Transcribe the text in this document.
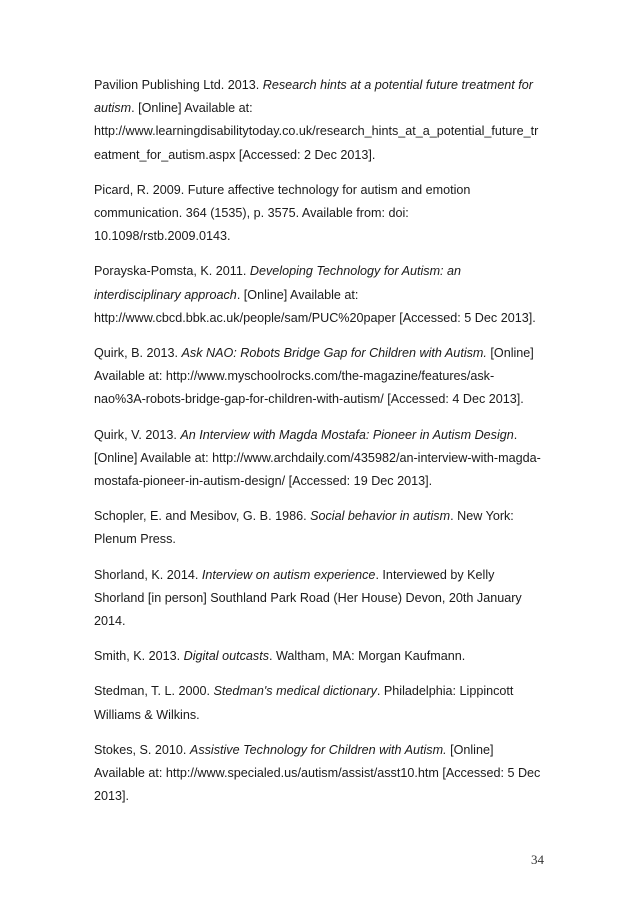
Pavilion Publishing Ltd. 2013. Research hints at a potential future treatment for autism. [Online] Available at: http://www.learningdisabilitytoday.co.uk/research_hints_at_a_potential_future_treatment_for_autism.aspx [Accessed: 2 Dec 2013].

Picard, R. 2009. Future affective technology for autism and emotion communication. 364 (1535), p. 3575. Available from: doi: 10.1098/rstb.2009.0143.

Porayska-Pomsta, K. 2011. Developing Technology for Autism: an interdisciplinary approach. [Online] Available at: http://www.cbcd.bbk.ac.uk/people/sam/PUC%20paper [Accessed: 5 Dec 2013].

Quirk, B. 2013. Ask NAO: Robots Bridge Gap for Children with Autism. [Online] Available at: http://www.myschoolrocks.com/the-magazine/features/ask-nao%3A-robots-bridge-gap-for-children-with-autism/ [Accessed: 4 Dec 2013].

Quirk, V. 2013. An Interview with Magda Mostafa: Pioneer in Autism Design. [Online] Available at: http://www.archdaily.com/435982/an-interview-with-magda-mostafa-pioneer-in-autism-design/ [Accessed: 19 Dec 2013].

Schopler, E. and Mesibov, G. B. 1986. Social behavior in autism. New York: Plenum Press.

Shorland, K. 2014. Interview on autism experience. Interviewed by Kelly Shorland [in person] Southland Park Road (Her House) Devon, 20th January 2014.

Smith, K. 2013. Digital outcasts. Waltham, MA: Morgan Kaufmann.

Stedman, T. L. 2000. Stedman's medical dictionary. Philadelphia: Lippincott Williams & Wilkins.

Stokes, S. 2010. Assistive Technology for Children with Autism. [Online] Available at: http://www.specialed.us/autism/assist/asst10.htm [Accessed: 5 Dec 2013].

34
